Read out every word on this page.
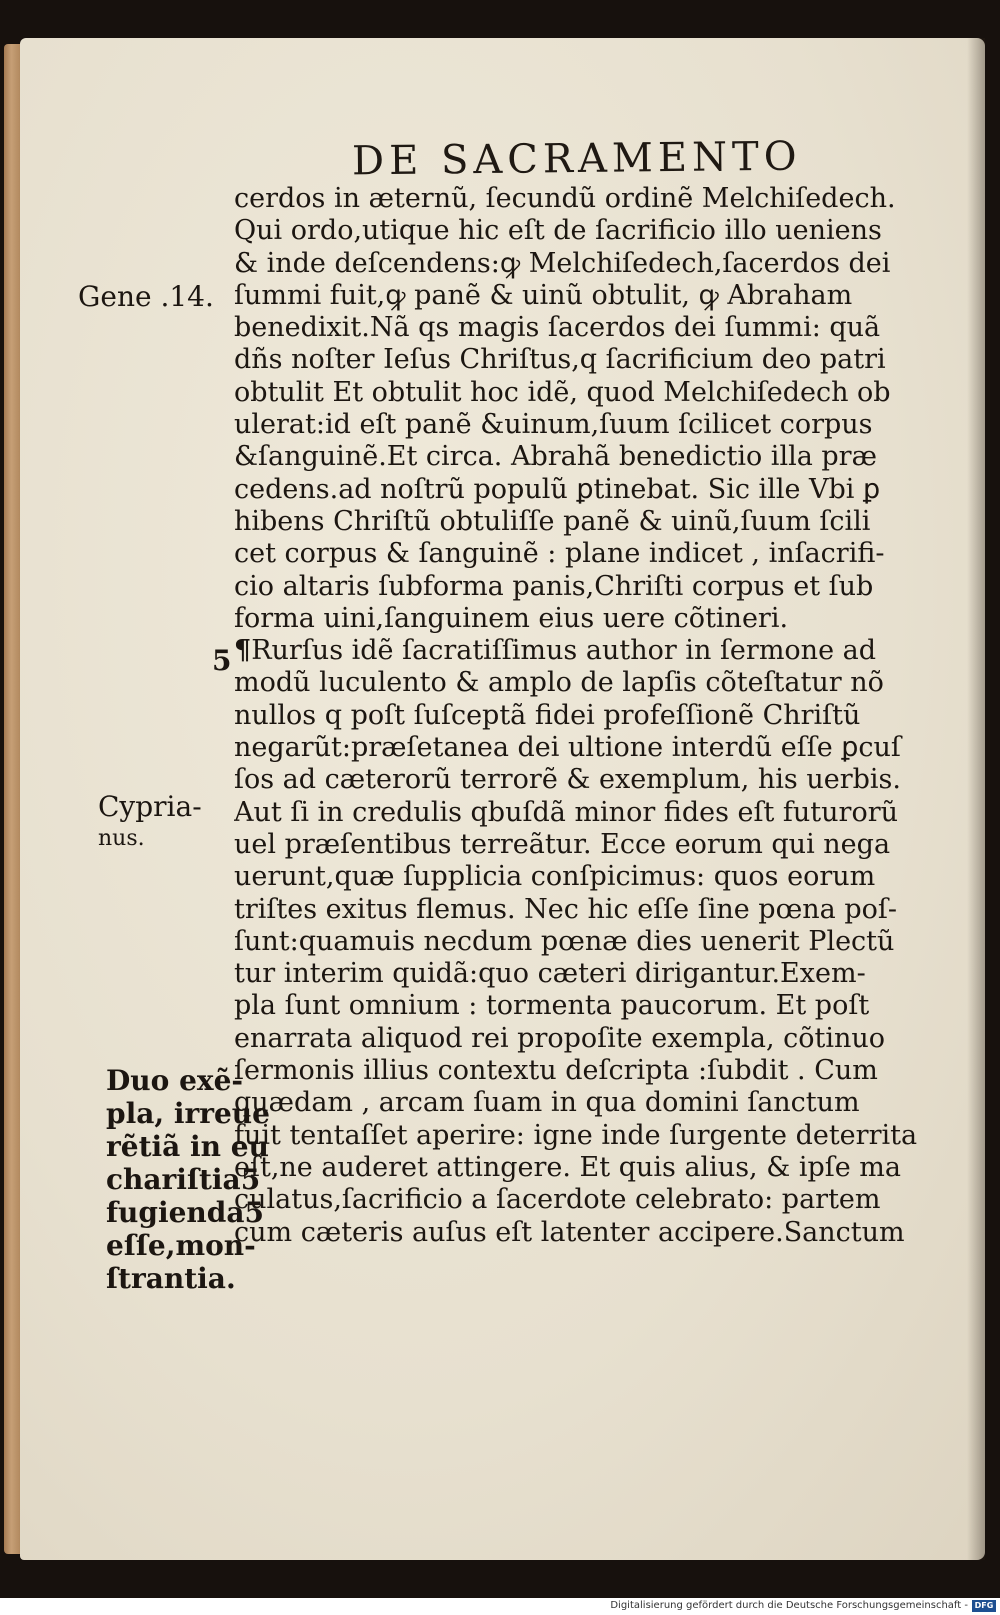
DE SACRAMENTO
Gene .14.
5
Cypria-
nus.
Duo exẽ-
pla, irreue
rẽtiã in eu
chariſtia5
fugienda5
eſſe,mon-
ſtrantia.
cerdos in æternũ, ſecundũ ordinẽ Melchiſedech.
Qui ordo,utique hic eſt de ſacrificio illo ueniens
& inde deſcendens:ꝙ Melchiſedech,ſacerdos dei
ſummi fuit,ꝙ panẽ & uinũ obtulit, ꝙ Abraham
benedixit.Nã qs magis ſacerdos dei ſummi: quã
dñs noſter Ieſus Chriſtus,q ſacrificium deo patri
obtulit Et obtulit hoc idẽ, quod Melchiſedech ob
ulerat:id eſt panẽ &uinum,ſuum ſcilicet corpus
&ſanguinẽ.Et circa. Abrahã benedictio illa præ
cedens.ad noſtrũ populũ ꝑtinebat. Sic ille Vbi ꝑ
hibens Chriſtũ obtuliſſe panẽ & uinũ,ſuum ſcili
cet corpus & ſanguinẽ : plane indicet , inſacrifi-
cio altaris ſubforma panis,Chriſti corpus et ſub
forma uini,ſanguinem eius uere cõtineri.
¶Rurſus idẽ ſacratiſſimus author in ſermone ad
modũ luculento & amplo de lapſis cõteſtatur nõ
nullos q poſt ſuſceptã fidei profeſſionẽ Chriſtũ
negarũt:præſetanea dei ultione interdũ eſſe ꝑcuſ
ſos ad cæterorũ terrorẽ & exemplum, his uerbis.
Aut ſi in credulis qbuſdã minor fides eſt futurorũ
uel præſentibus terreãtur. Ecce eorum qui nega
uerunt,quæ ſupplicia conſpicimus: quos eorum
triſtes exitus flemus. Nec hic eſſe ſine pœna poſ-
ſunt:quamuis necdum pœnæ dies uenerit Plectũ
tur interim quidã:quo cæteri dirigantur.Exem-
pla ſunt omnium : tormenta paucorum. Et poſt
enarrata aliquod rei propoſite exempla, cõtinuo
ſermonis illius contextu deſcripta :ſubdit . Cum
quædam , arcam ſuam in qua domini ſanctum
fuit tentaſſet aperire: igne inde ſurgente deterrita
eſt,ne auderet attingere. Et quis alius, & ipſe ma
culatus,ſacrificio a ſacerdote celebrato: partem
cum cæteris auſus eſt latenter accipere.Sanctum
Digitalisierung gefördert durch die Deutsche Forschungsgemeinschaft - DFG
